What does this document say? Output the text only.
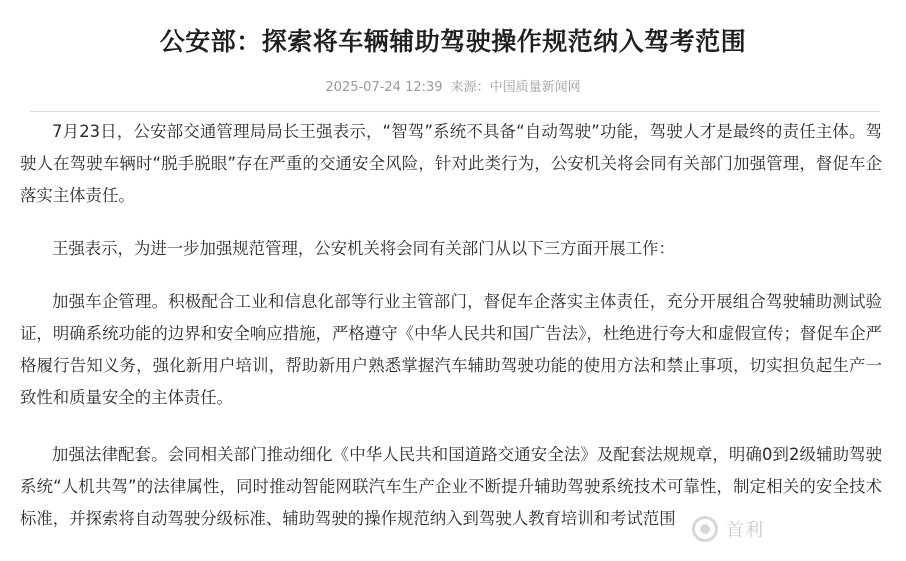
公安部：探索将车辆辅助驾驶操作规范纳入驾考范围
2025-07-24 12:39 来源：中国质量新闻网

7月23日，公安部交通管理局局长王强表示，“智驾”系统不具备“自动驾驶”功能，驾驶人才是最终的责任主体。驾驶人在驾驶车辆时“脱手脱眼”存在严重的交通安全风险，针对此类行为，公安机关将会同有关部门加强管理，督促车企落实主体责任。

王强表示，为进一步加强规范管理，公安机关将会同有关部门从以下三方面开展工作：

加强车企管理。积极配合工业和信息化部等行业主管部门，督促车企落实主体责任，充分开展组合驾驶辅助测试验证，明确系统功能的边界和安全响应措施，严格遵守《中华人民共和国广告法》，杜绝进行夸大和虚假宣传；督促车企严格履行告知义务，强化新用户培训，帮助新用户熟悉掌握汽车辅助驾驶功能的使用方法和禁止事项，切实担负起生产一致性和质量安全的主体责任。

加强法律配套。会同相关部门推动细化《中华人民共和国道路交通安全法》及配套法规规章，明确0到2级辅助驾驶系统“人机共驾”的法律属性，同时推动智能网联汽车生产企业不断提升辅助驾驶系统技术可靠性，制定相关的安全技术标准，并探索将自动驾驶分级标准、辅助驾驶的操作规范纳入到驾驶人教育培训和考试范围

首利
